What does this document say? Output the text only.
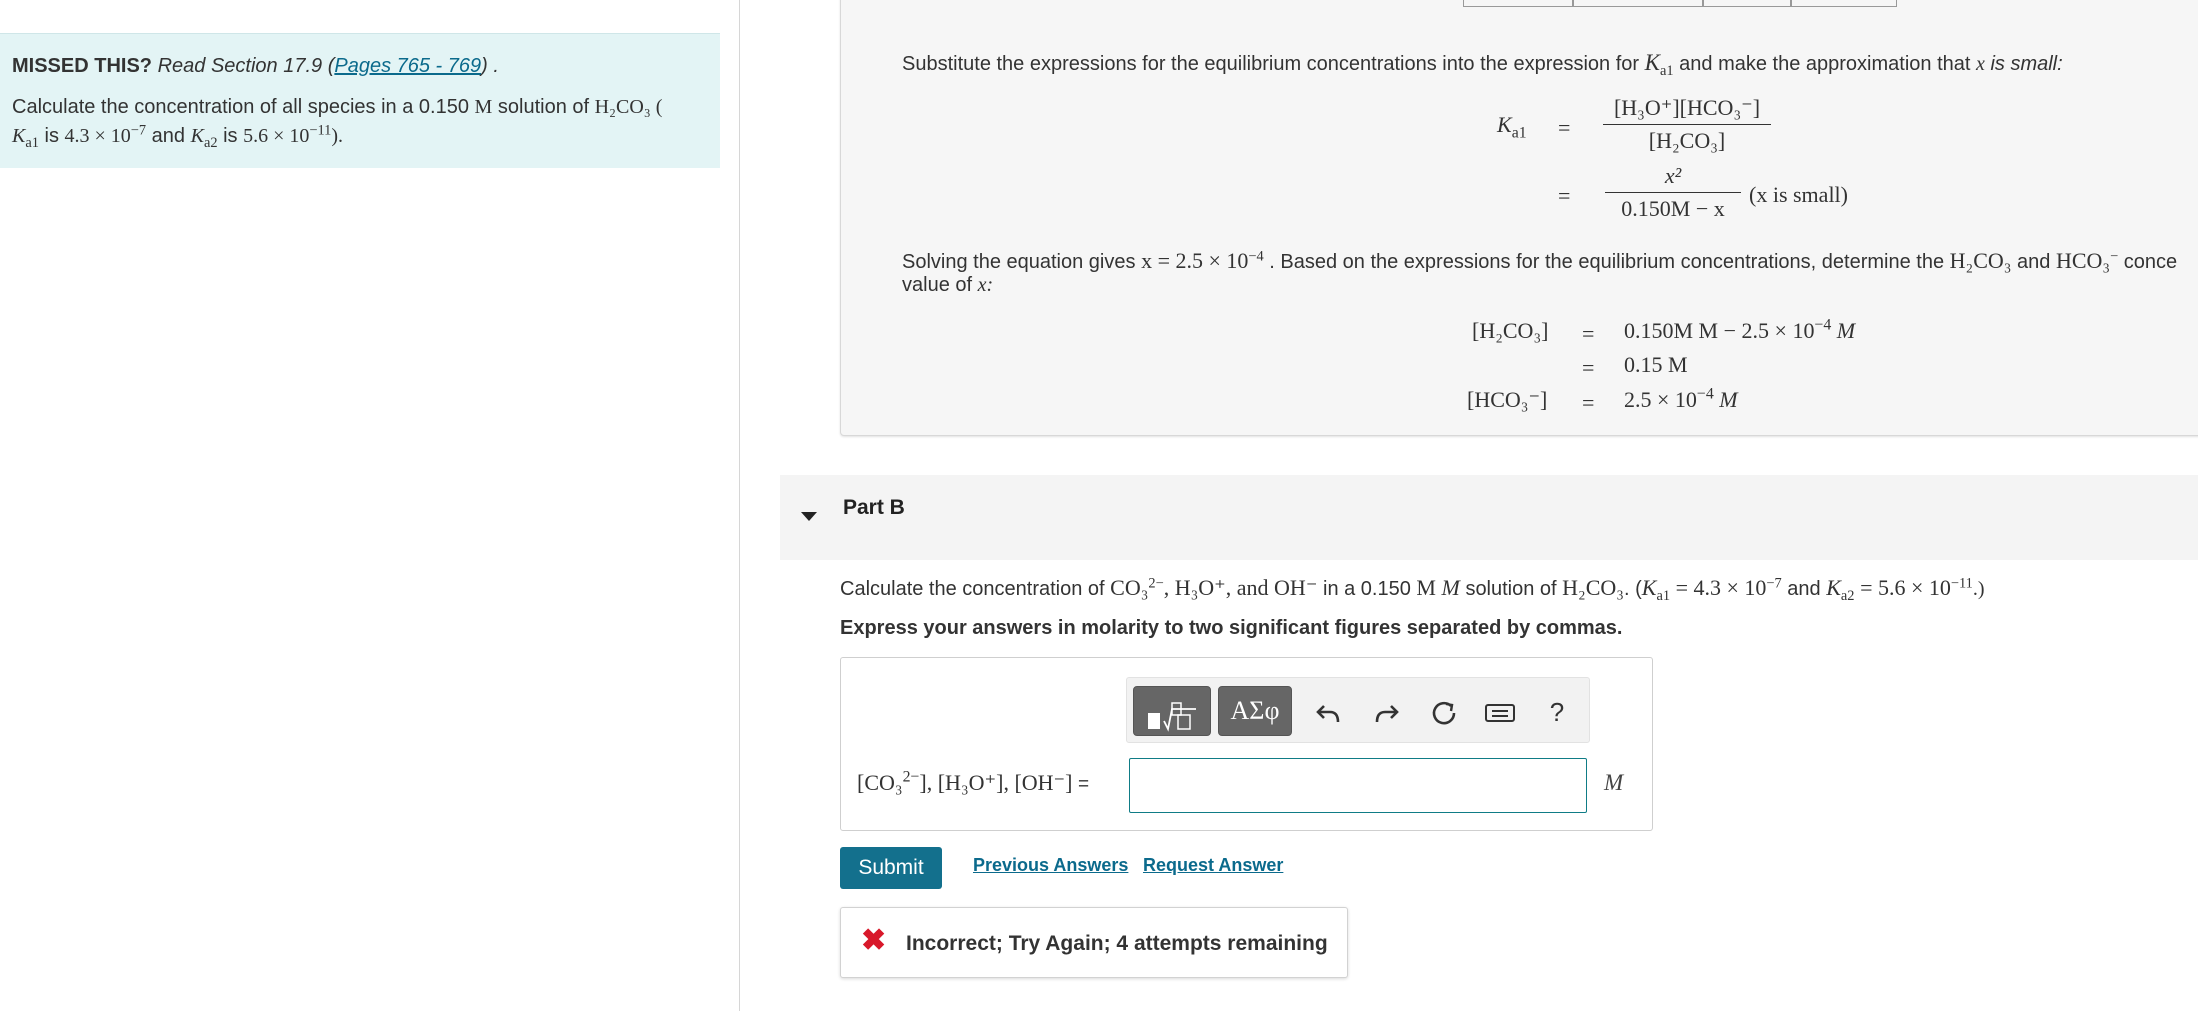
MISSED THIS? Read Section 17.9 (Pages 765 - 769) .

Calculate the concentration of all species in a 0.150 M solution of H₂CO₃ (
$K_{a1}$ is $4.3 \times 10^{-7}$ and $K_{a2}$ is $5.6 \times 10^{-11}$).

Substitute the expressions for the equilibrium concentrations into the expression for $K_{a1}$ and make the approximation that x is small:
$K_{a1}$ =
[H₃O⁺][HCO₃⁻]
[H₂CO₃]
=
x²
0.150M − x
(x is small)
Solving the equation gives $x = 2.5 \times 10^{-4}$ . Based on the expressions for the equilibrium concentrations, determine the H₂CO₃ and HCO₃− conce
value of x:
[H₂CO₃] = 0.150M $M - 2.5 \times 10^{-4}$ M
= 0.15 M
$[HCO_3^-] = 2.5 \times 10^{-4}$ M
Part B
Calculate the concentration of CO₃$^{2-}$, H₃O⁺, and OH⁻ in a 0.150 M M solution of H₂CO₃. ($K_{a1} = 4.3 \times 10^{-7}$ and $K_{a2} = 5.6 \times 10^{-11}$.)
Express your answers in molarity to two significant figures separated by commas.
ΑΣφ	?
[CO₃$^{2-}$], [H₃O⁺], [OH⁻] =	M
Submit	Previous Answers Request Answer
✖ Incorrect; Try Again; 4 attempts remaining
